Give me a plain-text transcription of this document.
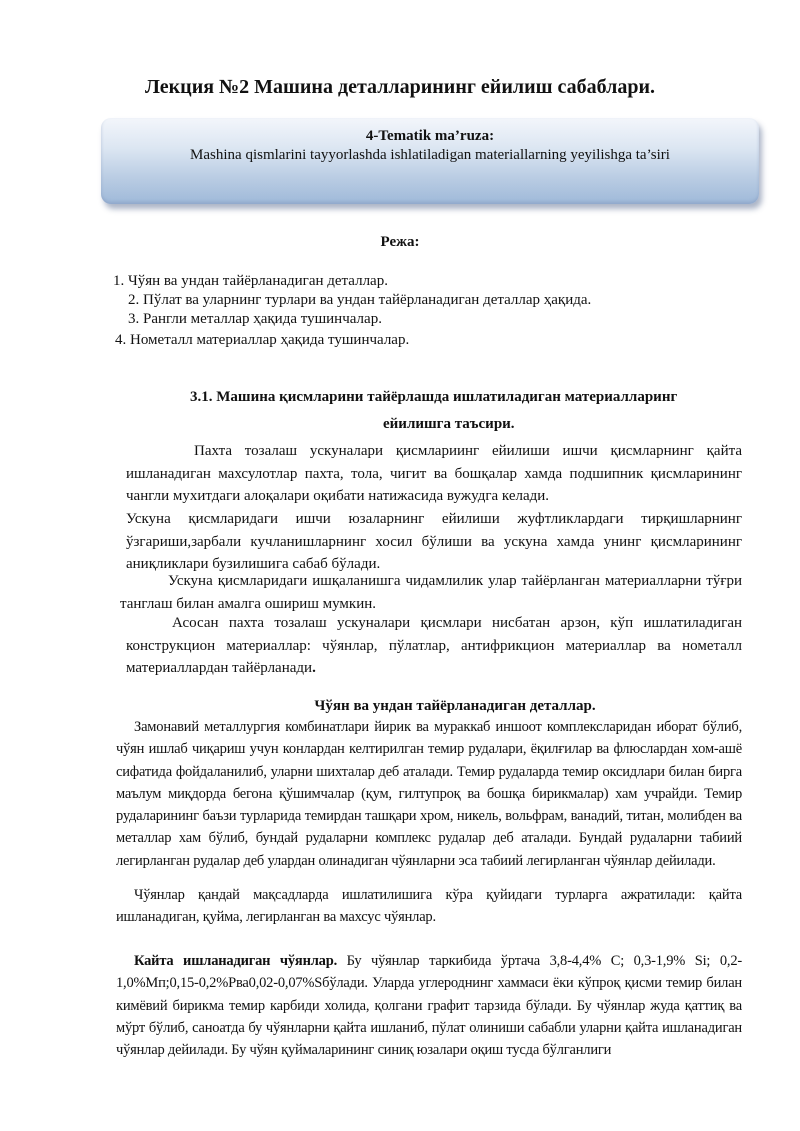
Лекция №2 Машина деталларининг ейилиш сабаблари.
4-Tematik ma’ruza:
Mashina qismlarini tayyorlashda ishlatiladigan materiallarning yeyilishga ta’siri
Режа:
1. Чўян ва ундан тайёрланадиган деталлар.
2. Пўлат ва уларнинг турлари ва ундан тайёрланадиган деталлар ҳақида.
3. Рангли металлар ҳақида тушинчалар.
4. Нометалл материаллар ҳақида тушинчалар.
3.1. Машина қисмларини тайёрлашда ишлатиладиган материалларинг
ейилишга таъсири.

Пахта тозалаш ускуналари қисмлариинг ейилиши ишчи қисмларнинг қайта ишланадиган махсулотлар пахта, тола, чигит ва бошқалар хамда подшипник қисмларининг чангли мухитдаги алоқалари оқибати натижасида вужудга келади.

Ускуна қисмларидаги ишчи юзаларнинг ейилиши жуфтликлардаги тирқишларнинг ўзгариши,зарбали кучланишларнинг хосил бўлиши ва ускуна хамда унинг қисмларининг аниқликлари бузилишига сабаб бўлади.

Ускуна қисмларидаги ишқаланишга чидамлилик улар тайёрланган материалларни тўғри танглаш билан амалга ошириш мумкин.

Асосан пахта тозалаш ускуналари қисмлари нисбатан арзон, кўп ишлатиладиган конструкцион материаллар: чўянлар, пўлатлар, антифрикцион материаллар ва нометалл материаллардан тайёрланади.

Чўян ва ундан тайёрланадиган деталлар.

Замонавий металлургия комбинатлари йирик ва мураккаб иншоот комплексларидан иборат бўлиб, чўян ишлаб чиқариш учун конлардан келтирилган темир рудалари, ёқилғилар ва флюслардан хом-ашё сифатида фойдаланилиб, уларни шихталар деб аталади. Темир рудаларда темир оксидлари билан бирга маълум миқдорда бегона қўшимчалар (қум, гилтупроқ ва бошқа бирикмалар) хам учрайди. Темир рудаларининг баъзи турларида темирдан ташқари хром, никель, вольфрам, ванадий, титан, молибден ва металлар хам бўлиб, бундай рудаларни комплекс рудалар деб аталади. Бундай рудаларни табиий легирланган рудалар деб улардан олинадиган чўянларни эса табиий легирланган чўянлар дейилади.

Чўянлар қандай мақсадларда ишлатилишига кўра қуйидаги турларга ажратилади: қайта ишланадиган, қуйма, легирланган ва махсус чўянлар.

Кайта ишланадиган чўянлар. Бу чўянлар таркибида ўртача 3,8-4,4% С; 0,3-1,9% Si; 0,2-1,0%Мп;0,15-0,2%Рва0,02-0,07%Sбўлади. Уларда углероднинг хаммаси ёки кўпроқ қисми темир билан кимёвий бирикма темир карбиди холида, қолгани графит тарзида бўлади. Бу чўянлар жуда қаттиқ ва мўрт бўлиб, саноатда бу чўянларни қайта ишланиб, пўлат олиниши сабабли уларни қайта ишланадиган чўянлар дейилади. Бу чўян қуймаларининг синиқ юзалари оқиш тусда бўлганлиги
